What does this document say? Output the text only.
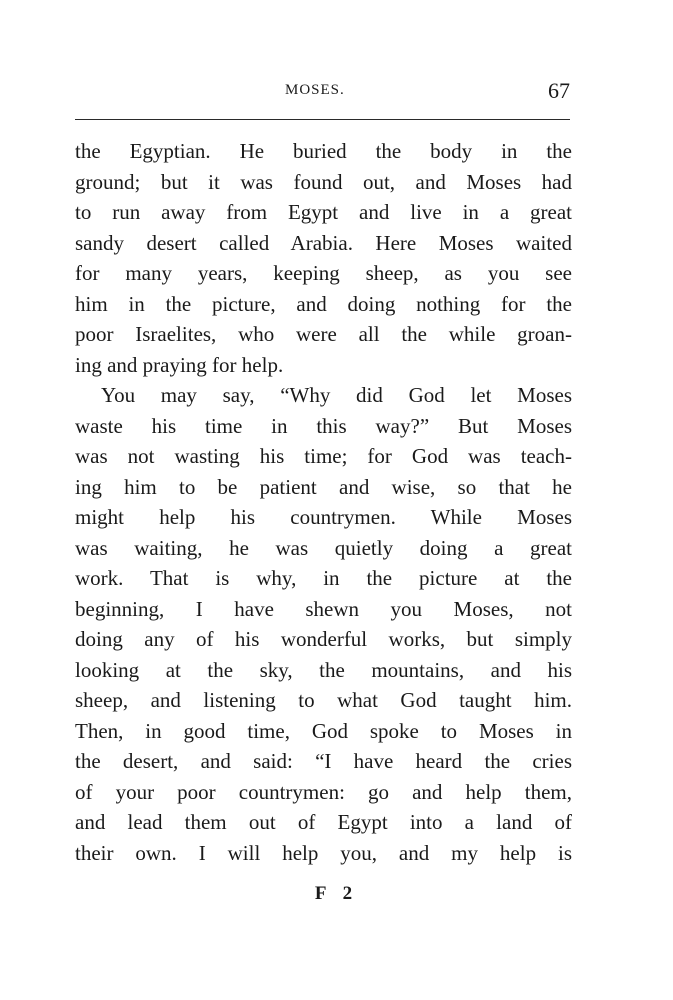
MOSES.	67
the Egyptian. He buried the body in the
ground; but it was found out, and Moses had
to run away from Egypt and live in a great
sandy desert called Arabia. Here Moses waited
for many years, keeping sheep, as you see
him in the picture, and doing nothing for the
poor Israelites, who were all the while groan-
ing and praying for help.
You may say, “Why did God let Moses
waste his time in this way?” But Moses
was not wasting his time; for God was teach-
ing him to be patient and wise, so that he
might help his countrymen. While Moses
was waiting, he was quietly doing a great
work. That is why, in the picture at the
beginning, I have shewn you Moses, not
doing any of his wonderful works, but simply
looking at the sky, the mountains, and his
sheep, and listening to what God taught him.
Then, in good time, God spoke to Moses in
the desert, and said: “I have heard the cries
of your poor countrymen: go and help them,
and lead them out of Egypt into a land of
their own. I will help you, and my help is
F 2
